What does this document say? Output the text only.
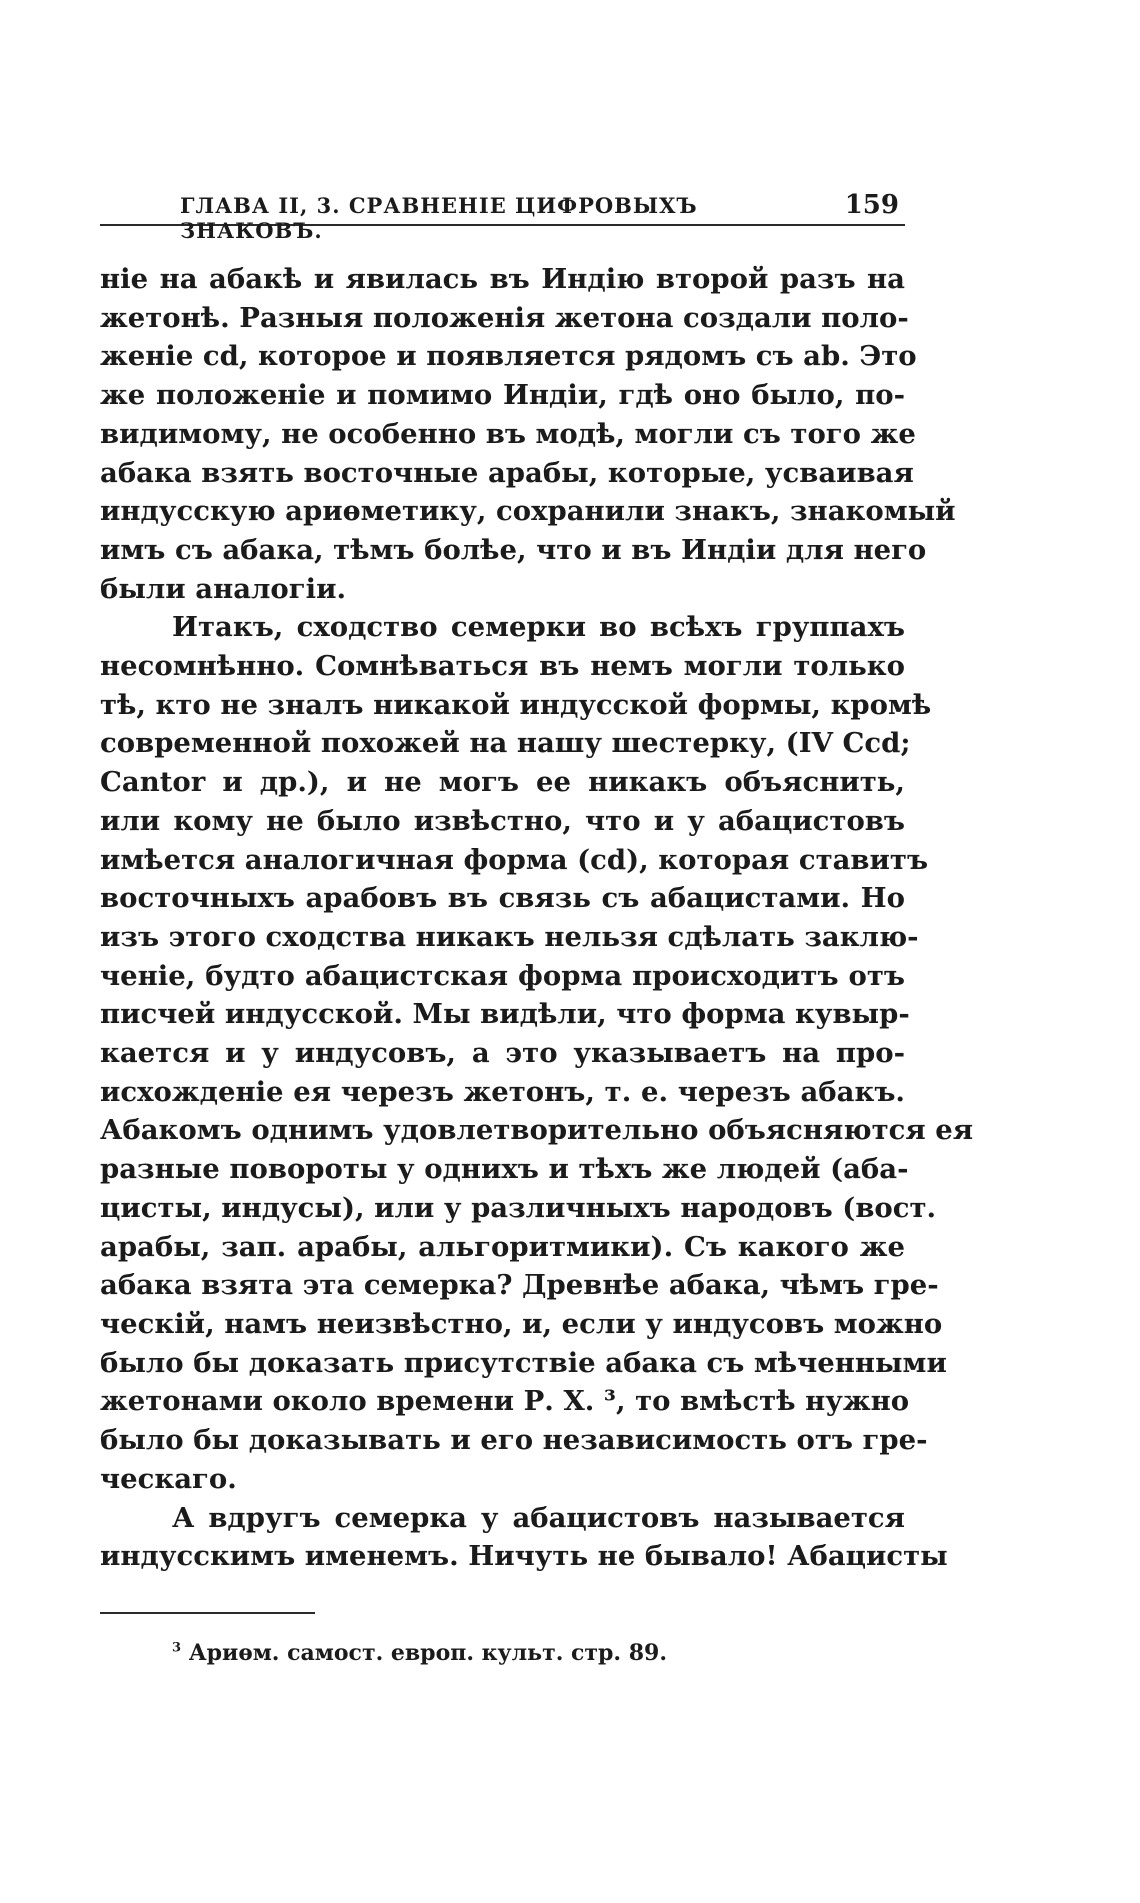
ГЛАВА II, 3. СРАВНЕНІЕ ЦИФРОВЫХЪ ЗНАКОВЪ.
159
ніе на абакѣ и явилась въ Индію второй разъ на
жетонѣ. Разныя положенія жетона создали поло-
женіе cd, которое и появляется рядомъ съ ab. Это
же положеніе и помимо Индіи, гдѣ оно было, по-
видимому, не особенно въ модѣ, могли съ того же
абака взять восточные арабы, которые, усваивая
индусскую ариѳметику, сохранили знакъ, знакомый
имъ съ абака, тѣмъ болѣе, что и въ Индіи для него
были аналогіи.
Итакъ, сходство семерки во всѣхъ группахъ
несомнѣнно. Сомнѣваться въ немъ могли только
тѣ, кто не зналъ никакой индусской формы, кромѣ
современной похожей на нашу шестерку, (IV Ccd;
Cantor и др.), и не могъ ее никакъ объяснить,
или кому не было извѣстно, что и у абацистовъ
имѣется аналогичная форма (cd), которая ставитъ
восточныхъ арабовъ въ связь съ абацистами. Но
изъ этого сходства никакъ нельзя сдѣлать заклю-
ченіе, будто абацистская форма происходитъ отъ
писчей индусской. Мы видѣли, что форма кувыр-
кается и у индусовъ, а это указываетъ на про-
исхожденіе ея черезъ жетонъ, т. е. черезъ абакъ.
Абакомъ однимъ удовлетворительно объясняются ея
разные повороты у однихъ и тѣхъ же людей (аба-
цисты, индусы), или у различныхъ народовъ (вост.
арабы, зап. арабы, альгоритмики). Съ какого же
абака взята эта семерка? Древнѣе абака, чѣмъ гре-
ческій, намъ неизвѣстно, и, если у индусовъ можно
было бы доказать присутствіе абака съ мѣченными
жетонами около времени Р. Х. ³, то вмѣстѣ нужно
было бы доказывать и его независимость отъ гре-
ческаго.
А вдругъ семерка у абацистовъ называется
индусскимъ именемъ. Ничуть не бывало! Абацисты
$^3$ Ариѳм. самост. европ. культ. стр. 89.
